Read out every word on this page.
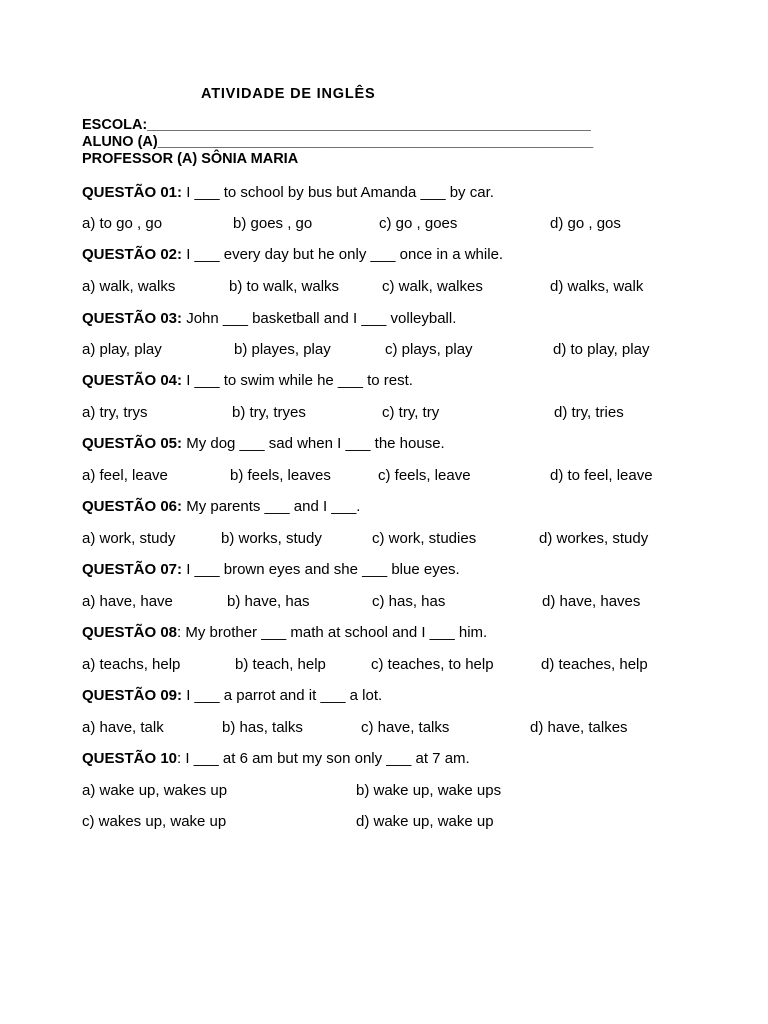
ATIVIDADE DE INGLÊS
ESCOLA:_______________________________________________________
ALUNO (A)______________________________________________________
PROFESSOR (A) SÔNIA MARIA
QUESTÃO 01: I ___ to school by bus but Amanda ___ by car.
a) to go , go	b) goes , go	c) go , goes	d) go , gos
QUESTÃO 02: I ___ every day but he only ___ once in a while.
a) walk, walks	b) to walk, walks	c) walk, walkes	d) walks, walk
QUESTÃO 03: John ___ basketball and I ___ volleyball.
a) play, play	b) playes, play	c) plays, play	d) to play, play
QUESTÃO 04: I ___ to swim while he ___ to rest.
a) try, trys	b) try, tryes	c) try, try	d) try, tries
QUESTÃO 05: My dog ___ sad when I ___ the house.
a) feel, leave	b) feels, leaves	c) feels, leave	d) to feel, leave
QUESTÃO 06: My parents ___ and I ___.
a) work, study	b) works, study	c) work, studies	d) workes, study
QUESTÃO 07: I ___ brown eyes and she ___ blue eyes.
a) have, have	b) have, has	c) has, has	d) have, haves
QUESTÃO 08: My brother ___ math at school and I ___ him.
a) teachs, help	b) teach, help	c) teaches, to help	d) teaches, help
QUESTÃO 09: I ___ a parrot and it ___ a lot.
a) have, talk	b) has, talks	c) have, talks	d) have, talkes
QUESTÃO 10: I ___ at 6 am but my son only ___ at 7 am.
a) wake up, wakes up	b) wake up, wake ups
c) wakes up, wake up	d) wake up, wake up
